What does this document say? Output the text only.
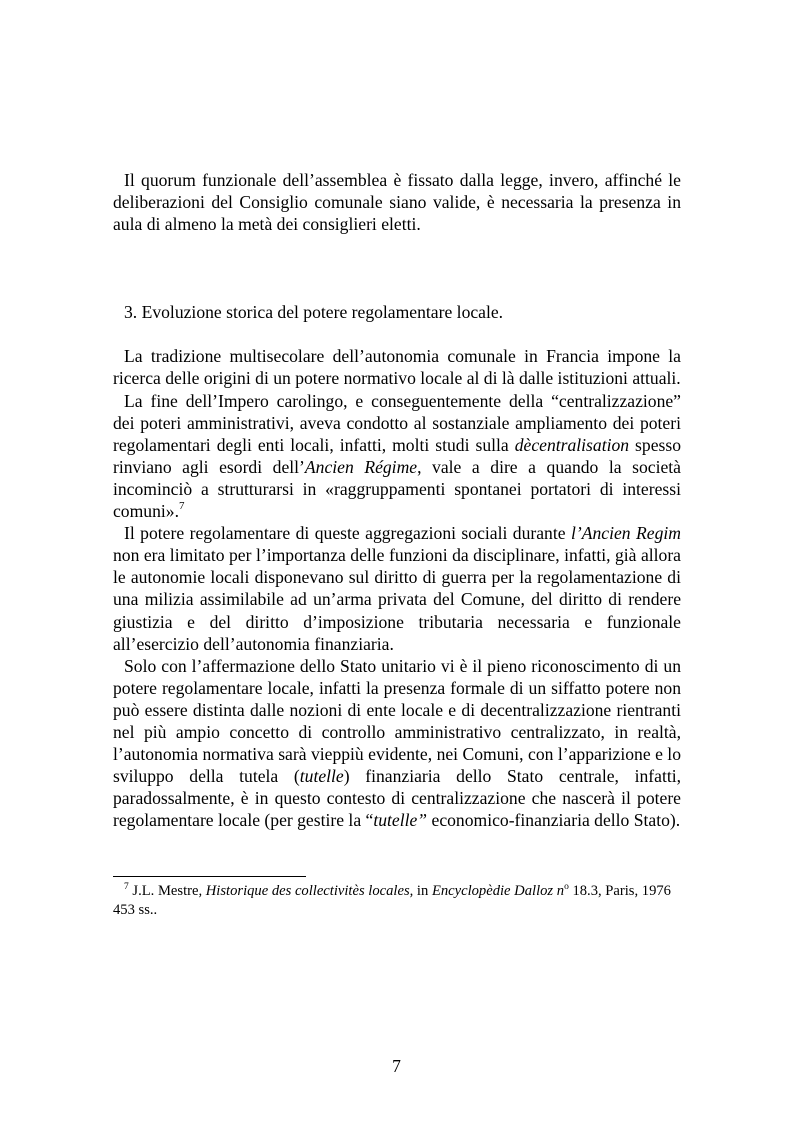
Il quorum funzionale dell’assemblea è fissato dalla legge, invero, affinché le deliberazioni del Consiglio comunale siano valide, è necessaria la presenza in aula di almeno la metà dei consiglieri eletti.

3. Evoluzione storica del potere regolamentare locale.

La tradizione multisecolare dell’autonomia comunale in Francia impone la ricerca delle origini di un potere normativo locale al di là dalle istituzioni attuali.

La fine dell’Impero carolingo, e conseguentemente della “centralizzazione” dei poteri amministrativi, aveva condotto al sostanziale ampliamento dei poteri regolamentari degli enti locali, infatti, molti studi sulla dècentralisation spesso rinviano agli esordi dell’Ancien Régime, vale a dire a quando la società incominciò a strutturarsi in «raggruppamenti spontanei portatori di interessi comuni».$^7$

Il potere regolamentare di queste aggregazioni sociali durante l’Ancien Regim non era limitato per l’importanza delle funzioni da disciplinare, infatti, già allora le autonomie locali disponevano sul diritto di guerra per la regolamentazione di una milizia assimilabile ad un’arma privata del Comune, del diritto di rendere giustizia e del diritto d’imposizione tributaria necessaria e funzionale all’esercizio dell’autonomia finanziaria.

Solo con l’affermazione dello Stato unitario vi è il pieno riconoscimento di un potere regolamentare locale, infatti la presenza formale di un siffatto potere non può essere distinta dalle nozioni di ente locale e di decentralizzazione rientranti nel più ampio concetto di controllo amministrativo centralizzato, in realtà, l’autonomia normativa sarà vieppiù evidente, nei Comuni, con l’apparizione e lo sviluppo della tutela (tutelle) finanziaria dello Stato centrale, infatti, paradossalmente, è in questo contesto di centralizzazione che nascerà il potere regolamentare locale (per gestire la “tutelle” economico-finanziaria dello Stato).

$^7$ J.L. Mestre, Historique des collectivitès locales, in Encyclopèdie Dalloz $n^o$ 18.3, Paris, 1976 453 ss..

7
